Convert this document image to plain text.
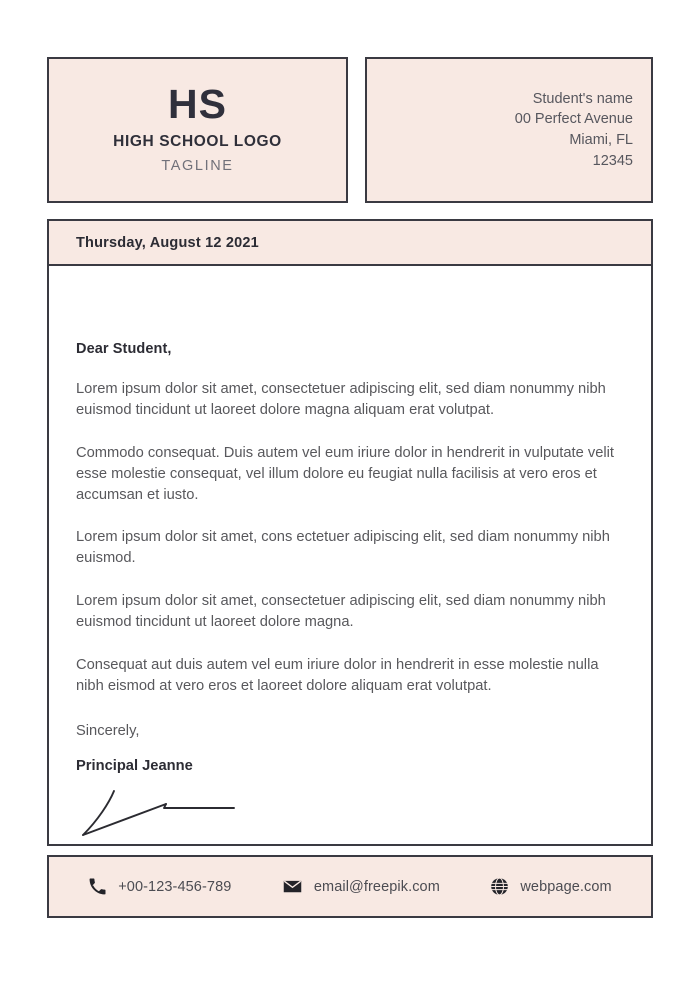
HS
HIGH SCHOOL LOGO
TAGLINE
Student's name
00 Perfect Avenue
Miami, FL
12345
Thursday, August 12 2021
Dear Student,

Lorem ipsum dolor sit amet, consectetuer adipiscing elit, sed diam nonummy nibh euismod tincidunt ut laoreet dolore magna aliquam erat volutpat.

Commodo consequat. Duis autem vel eum iriure dolor in hendrerit in vulputate velit esse molestie consequat, vel illum dolore eu feugiat nulla facilisis at vero eros et accumsan et iusto.

Lorem ipsum dolor sit amet, cons ectetuer adipiscing elit, sed diam nonummy nibh euismod.

Lorem ipsum dolor sit amet, consectetuer adipiscing elit, sed diam nonummy nibh euismod tincidunt ut laoreet dolore magna.

Consequat aut duis autem vel eum iriure dolor in hendrerit in esse molestie nulla nibh eismod at vero eros et laoreet dolore aliquam erat volutpat.

Sincerely,
Principal Jeanne
+00-123-456-789	email@freepik.com	webpage.com
